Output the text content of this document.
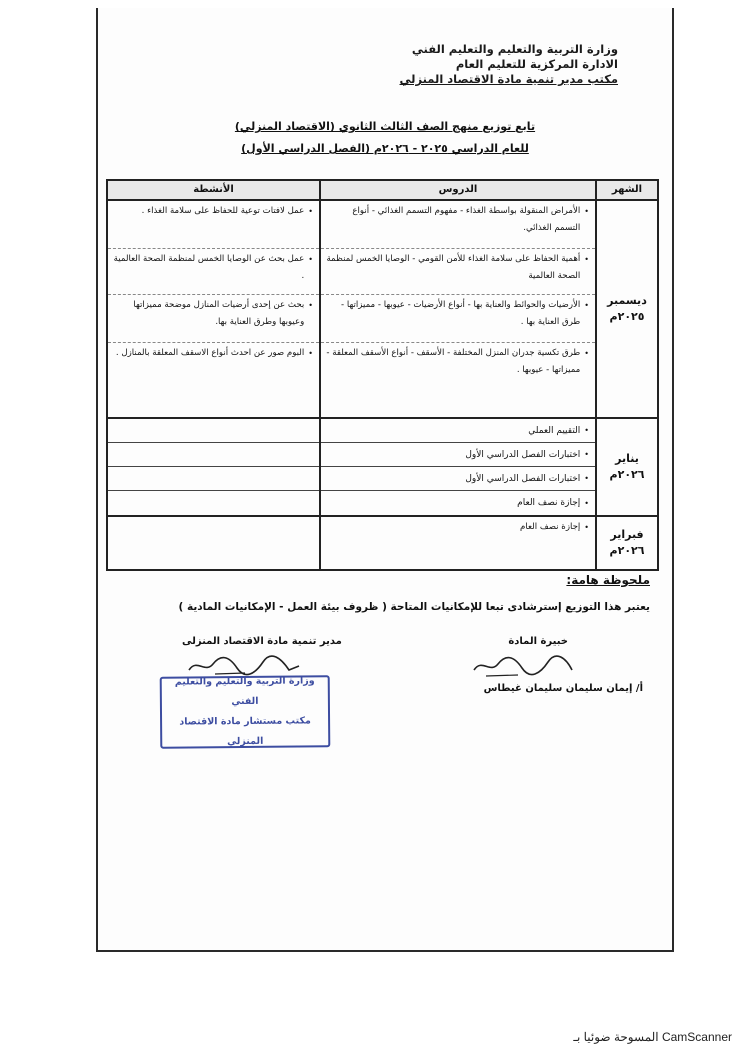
وزارة التربية والتعليم والتعليم الفني
الادارة المركزية للتعليم العام
مكتب مدير تنمية مادة الاقتصاد المنزلي
تابع توزيع منهج الصف الثالث الثانوي (الاقتصاد المنزلي)
للعام الدراسي ٢٠٢٥ - ٢٠٢٦م (الفصل الدراسي الأول)
الشهر
الدروس
الأنشطة
ديسمبر
٢٠٢٥م
•
الأمراض المنقولة بواسطة الغذاء - مفهوم التسمم الغذائي - أنواع التسمم الغذائي.
•
أهمية الحفاظ على سلامة الغذاء للأمن القومي - الوصايا الخمس لمنظمة الصحة العالمية
•
الأرضيات والحوائط والعناية بها - أنواع الأرضيات - عيوبها - مميزاتها - طرق العناية بها .
•
طرق تكسية جدران المنزل المختلفة - الأسقف - أنواع الأسقف المعلقة - مميزاتها - عيوبها .
•
عمل لافتات توعية للحفاظ على سلامة الغذاء .
•
عمل بحث عن الوصايا الخمس لمنظمة الصحة العالمية .
•
بحث عن إحدى أرضيات المنازل موضحة مميزاتها وعيوبها وطرق العناية بها.
•
البوم صور عن احدث أنواع الاسقف المعلقة بالمنازل .
يناير
٢٠٢٦م
•
التقييم العملي
•
اختبارات الفصل الدراسي الأول
•
اختبارات الفصل الدراسي الأول
•
إجازة نصف العام
فبراير
٢٠٢٦م
•
إجازة نصف العام
ملحوظة هامة:
يعتبر هذا التوزيع إسترشادى تبعا للإمكانيات المتاحة ( ظروف بيئة العمل - الإمكانيات المادية )
مدير تنمية مادة الاقتصاد المنزلى	خبيرة المادة
أ/ إيمان سليمان سليمان غيطاس
وزارة التربية والتعليم والتعليم الفني
مكتب مستشار مادة الاقتصاد المنزلي
CamScanner المسوحة ضوئيا بـ
